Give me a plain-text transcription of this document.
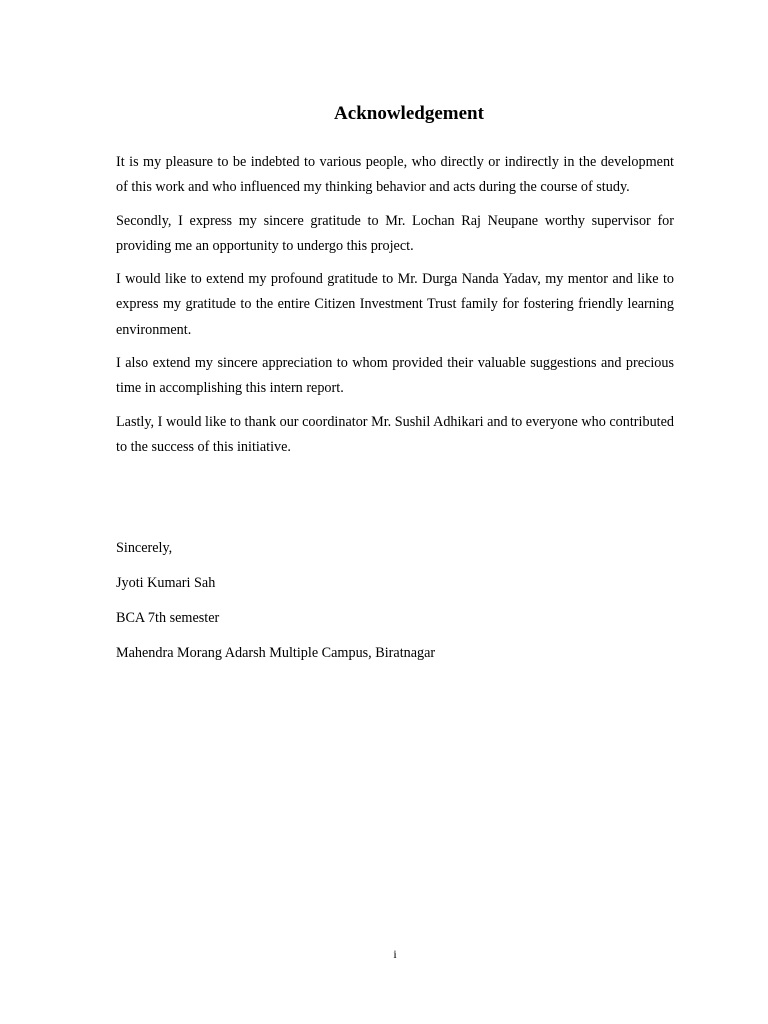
Acknowledgement

It is my pleasure to be indebted to various people, who directly or indirectly in the development of this work and who influenced my thinking behavior and acts during the course of study.

Secondly, I express my sincere gratitude to Mr. Lochan Raj Neupane worthy supervisor for providing me an opportunity to undergo this project.

I would like to extend my profound gratitude to Mr. Durga Nanda Yadav, my mentor and like to express my gratitude to the entire Citizen Investment Trust family for fostering friendly learning environment.

I also extend my sincere appreciation to whom provided their valuable suggestions and precious time in accomplishing this intern report.

Lastly, I would like to thank our coordinator Mr. Sushil Adhikari and to everyone who contributed to the success of this initiative.

Sincerely,

Jyoti Kumari Sah

BCA 7th semester

Mahendra Morang Adarsh Multiple Campus, Biratnagar

i
